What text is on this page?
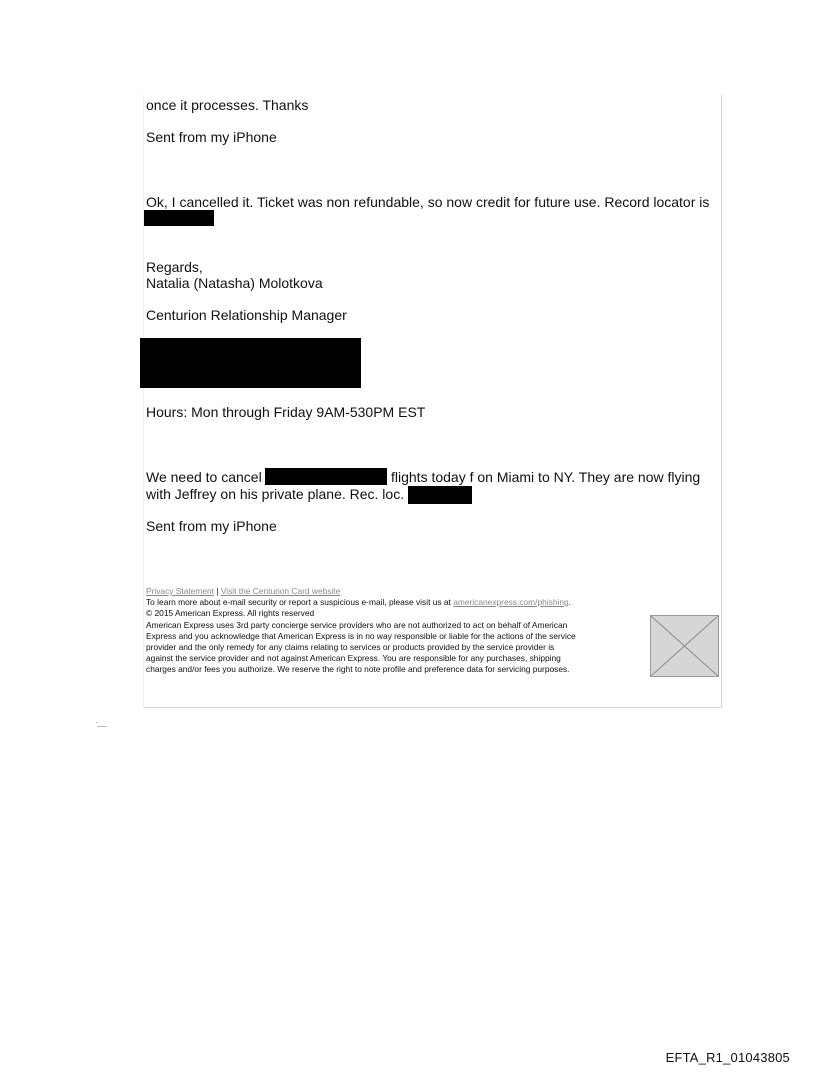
once it processes. Thanks
Sent from my iPhone
Ok, I cancelled it. Ticket was non refundable, so now credit for future use. Record locator is
Regards,
Natalia (Natasha) Molotkova
Centurion Relationship Manager
Hours: Mon through Friday 9AM-530PM EST
We need to cancel	flights today f on Miami to NY. They are now flying
with Jeffrey on his private plane. Rec. loc.
Sent from my iPhone
Privacy Statement | Visit the Centurion Card website
To learn more about e-mail security or report a suspicious e-mail, please visit us at americanexpress.com/phishing.
© 2015 American Express. All rights reserved
American Express uses 3rd party concierge service providers who are not authorized to act on behalf of American
Express and you acknowledge that American Express is in no way responsible or liable for the actions of the service
provider and the only remedy for any claims relating to services or products provided by the service provider is
against the service provider and not against American Express. You are responsible for any purchases, shipping
charges and/or fees you authorize. We reserve the right to note profile and preference data for servicing purposes.
·__
EFTA_R1_01043805
